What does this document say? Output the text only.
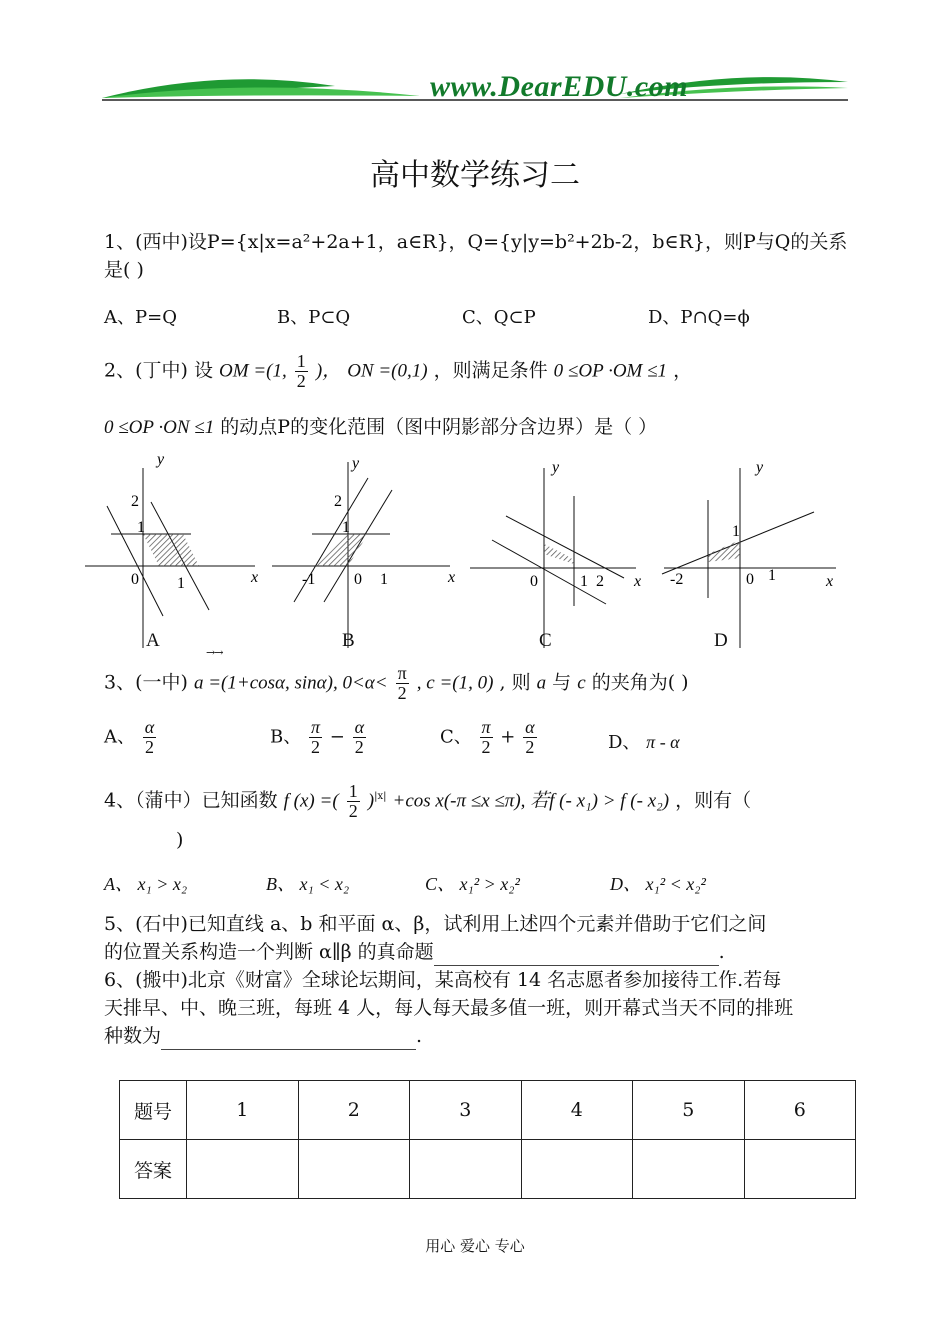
www.DearEDU.com
高中数学练习二
1、(西中)设P={x|x=a²+2a+1，a∈R}，Q={y|y=b²+2b-2，b∈R}，则P与Q的关系
是( )
A、P=Q	B、P⊂Q	C、Q⊂P	D、P∩Q=ϕ
2、(丁中) 设 OM =(1, $\frac{1}{2}$ )， ON =(0,1) ，则满足条件 0 ≤OP ·OM ≤1 ，
0 ≤OP ·ON ≤1 的动点P的变化范围（图中阴影部分含边界）是（ ）
y
x
2
1
0 1
y
x
2
1
-1 0 1
y
x
0	1 2
y
x
1
-2	0 1
A	B	C	D
→→
3、(一中) a =(1+cosα, sinα), $0<\alpha< \frac{\pi}{2}$ , c =(1, 0) , 则 a 与 c 的夹角为( )
A、 $\frac{\alpha}{2}$	B、 $\frac{\pi}{2} - \frac{\alpha}{2}$	C、 $\frac{\pi}{2} + \frac{\alpha}{2}$	D、 π - α
4、（蒲中）已知函数 f (x) =( $\frac{1}{2} )^{|x|} +\cos$ x(-π ≤x ≤π), 若f (- x₁) > f (- x₂) ，则有（
)
A、 x₁ > x₂	B、 x₁ < x₂	C、 x₁² > x₂²	D、 x₁² < x₂²
5、(石中)已知直线 a、b 和平面 α、β，试利用上述四个元素并借助于它们之间
的位置关系构造一个判断 α∥β 的真命题	.
6、(搬中)北京《财富》全球论坛期间，某高校有 14 名志愿者参加接待工作.若每
天排早、中、晚三班，每班 4 人，每人每天最多值一班，则开幕式当天不同的排班
种数为	.
题号	1	2	3	4	5	6
答案						
用心 爱心 专心
